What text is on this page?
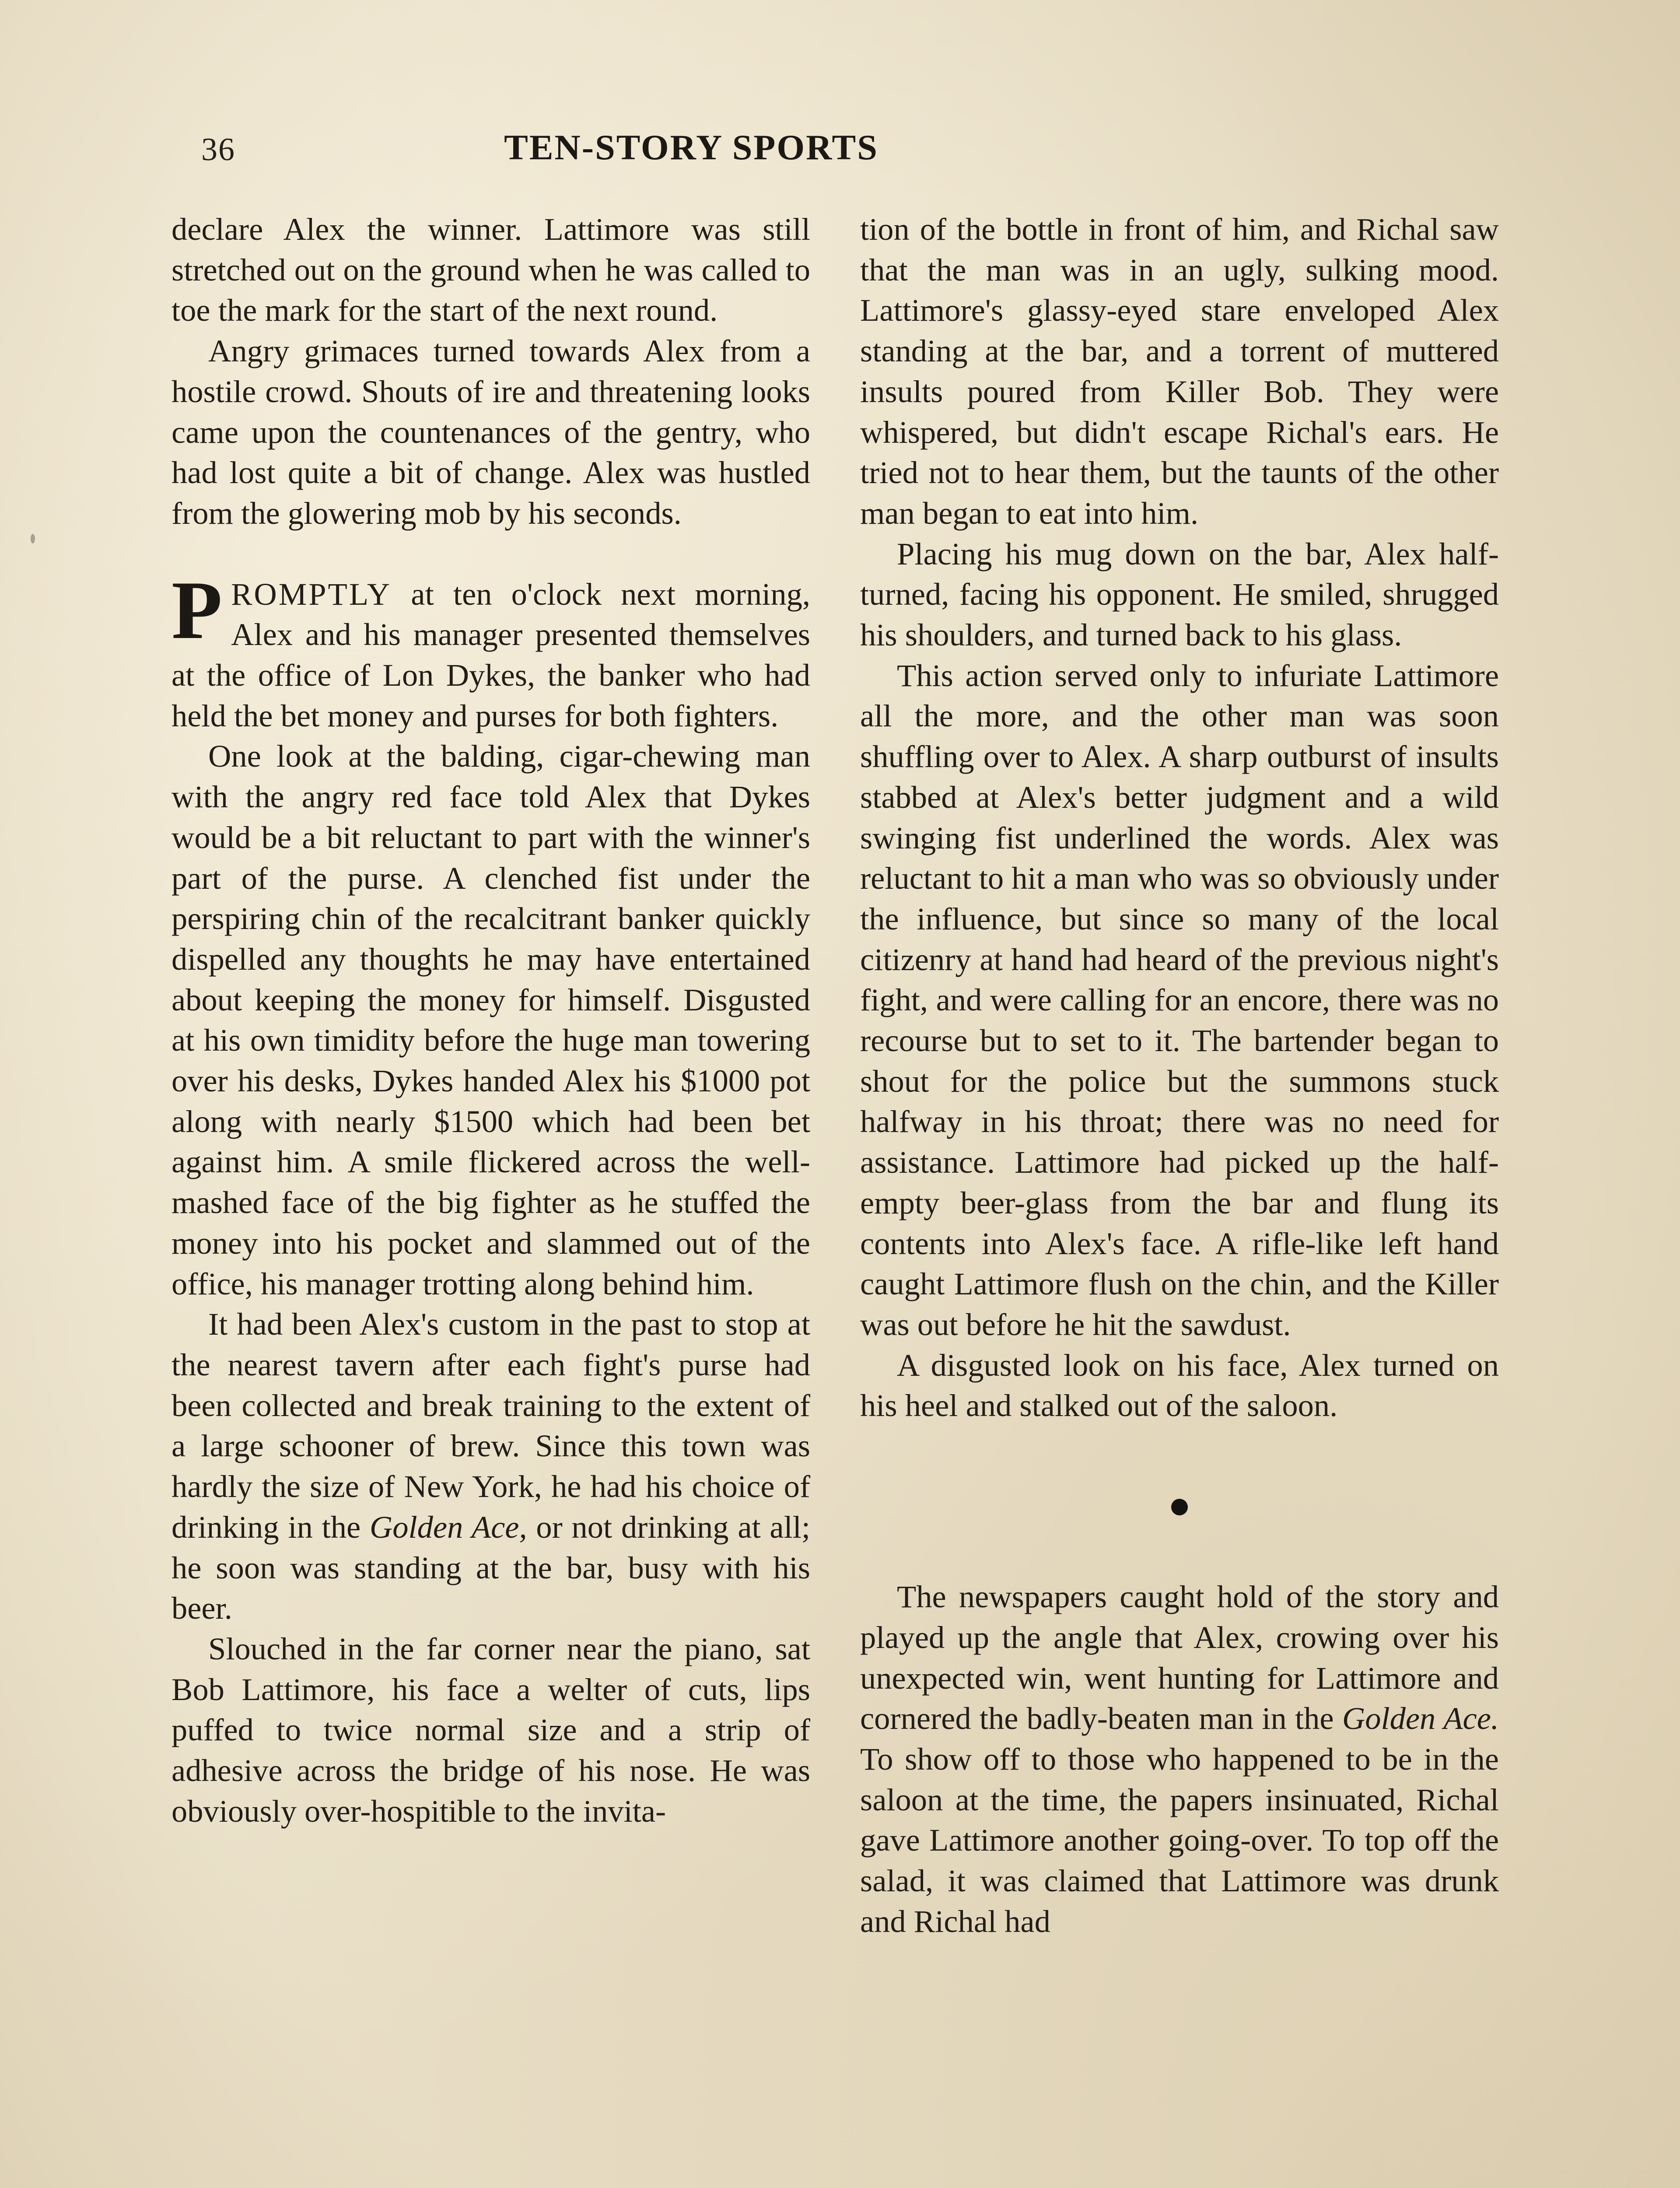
36	TEN-STORY SPORTS

declare Alex the winner. Lattimore was still stretched out on the ground when he was called to toe the mark for the start of the next round.

Angry grimaces turned towards Alex from a hostile crowd. Shouts of ire and threatening looks came upon the countenances of the gentry, who had lost quite a bit of change. Alex was hustled from the glowering mob by his seconds.

PROMPTLY at ten o'clock next morning, Alex and his manager presented themselves at the office of Lon Dykes, the banker who had held the bet money and purses for both fighters.

One look at the balding, cigar-chewing man with the angry red face told Alex that Dykes would be a bit reluctant to part with the winner's part of the purse. A clenched fist under the perspiring chin of the recalcitrant banker quickly dispelled any thoughts he may have entertained about keeping the money for himself. Disgusted at his own timidity before the huge man towering over his desks, Dykes handed Alex his $1000 pot along with nearly $1500 which had been bet against him. A smile flickered across the well-mashed face of the big fighter as he stuffed the money into his pocket and slammed out of the office, his manager trotting along behind him.

It had been Alex's custom in the past to stop at the nearest tavern after each fight's purse had been collected and break training to the extent of a large schooner of brew. Since this town was hardly the size of New York, he had his choice of drinking in the Golden Ace, or not drinking at all; he soon was standing at the bar, busy with his beer.

Slouched in the far corner near the piano, sat Bob Lattimore, his face a welter of cuts, lips puffed to twice normal size and a strip of adhesive across the bridge of his nose. He was obviously over-hospitible to the invita-

tion of the bottle in front of him, and Richal saw that the man was in an ugly, sulking mood. Lattimore's glassy-eyed stare enveloped Alex standing at the bar, and a torrent of muttered insults poured from Killer Bob. They were whispered, but didn't escape Richal's ears. He tried not to hear them, but the taunts of the other man began to eat into him.

Placing his mug down on the bar, Alex half-turned, facing his opponent. He smiled, shrugged his shoulders, and turned back to his glass.

This action served only to infuriate Lattimore all the more, and the other man was soon shuffling over to Alex. A sharp outburst of insults stabbed at Alex's better judgment and a wild swinging fist underlined the words. Alex was reluctant to hit a man who was so obviously under the influence, but since so many of the local citizenry at hand had heard of the previous night's fight, and were calling for an encore, there was no recourse but to set to it. The bartender began to shout for the police but the summons stuck halfway in his throat; there was no need for assistance. Lattimore had picked up the half-empty beer-glass from the bar and flung its contents into Alex's face. A rifle-like left hand caught Lattimore flush on the chin, and the Killer was out before he hit the sawdust.

A disgusted look on his face, Alex turned on his heel and stalked out of the saloon.

The newspapers caught hold of the story and played up the angle that Alex, crowing over his unexpected win, went hunting for Lattimore and cornered the badly-beaten man in the Golden Ace. To show off to those who happened to be in the saloon at the time, the papers insinuated, Richal gave Lattimore another going-over. To top off the salad, it was claimed that Lattimore was drunk and Richal had
